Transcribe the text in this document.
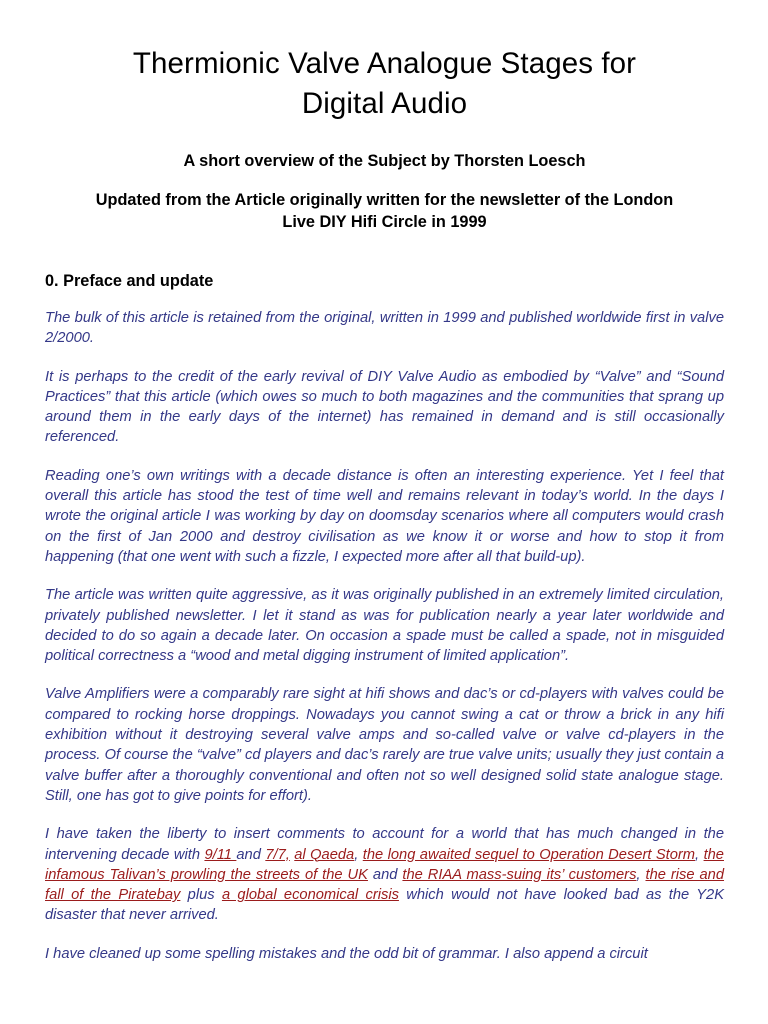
Thermionic Valve Analogue Stages for
Digital Audio

A short overview of the Subject by Thorsten Loesch

Updated from the Article originally written for the newsletter of the London
Live DIY Hifi Circle in 1999

0. Preface and update

The bulk of this article is retained from the original, written in 1999 and published worldwide first in valve 2/2000.

It is perhaps to the credit of the early revival of DIY Valve Audio as embodied by “Valve” and “Sound Practices” that this article (which owes so much to both magazines and the communities that sprang up around them in the early days of the internet) has remained in demand and is still occasionally referenced.

Reading one’s own writings with a decade distance is often an interesting experience. Yet I feel that overall this article has stood the test of time well and remains relevant in today’s world. In the days I wrote the original article I was working by day on doomsday scenarios where all computers would crash on the first of Jan 2000 and destroy civilisation as we know it or worse and how to stop it from happening (that one went with such a fizzle, I expected more after all that build-up).

The article was written quite aggressive, as it was originally published in an extremely limited circulation, privately published newsletter. I let it stand as was for publication nearly a year later worldwide and decided to do so again a decade later. On occasion a spade must be called a spade, not in misguided political correctness a “wood and metal digging instrument of limited application”.

Valve Amplifiers were a comparably rare sight at hifi shows and dac’s or cd-players with valves could be compared to rocking horse droppings. Nowadays you cannot swing a cat or throw a brick in any hifi exhibition without it destroying several valve amps and so-called valve or valve cd-players in the process. Of course the “valve” cd players and dac’s rarely are true valve units; usually they just contain a valve buffer after a thoroughly conventional and often not so well designed solid state analogue stage. Still, one has got to give points for effort).

I have taken the liberty to insert comments to account for a world that has much changed in the intervening decade with 9/11 and 7/7, al Qaeda, the long awaited sequel to Operation Desert Storm, the infamous Talivan’s prowling the streets of the UK and the RIAA mass-suing its’ customers, the rise and fall of the Piratebay plus a global economical crisis which would not have looked bad as the Y2K disaster that never arrived.

I have cleaned up some spelling mistakes and the odd bit of grammar. I also append a circuit
